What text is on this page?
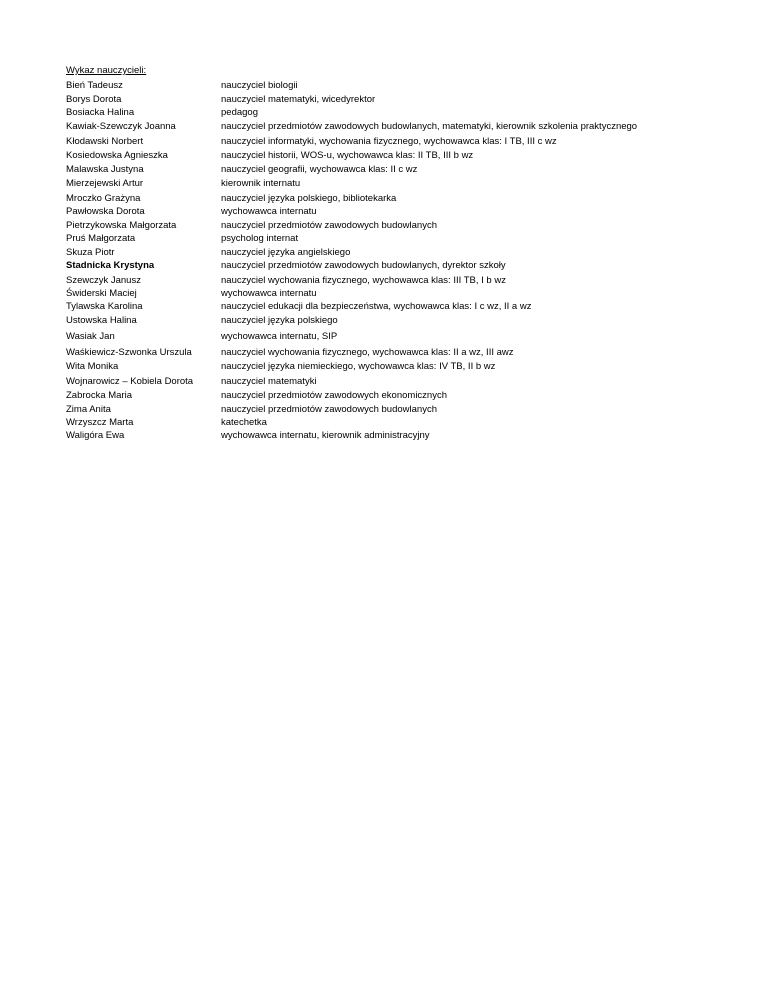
Wykaz nauczycieli:
Bień Tadeusz	nauczyciel biologii
Borys Dorota	nauczyciel matematyki, wicedyrektor
Bosiacka Halina	pedagog
Kawiak-Szewczyk Joanna	nauczyciel przedmiotów zawodowych budowlanych, matematyki, kierownik szkolenia praktycznego
Kłodawski Norbert	nauczyciel informatyki, wychowania fizycznego, wychowawca klas: I TB, III c wz
Kosiedowska Agnieszka	nauczyciel historii, WOS-u, wychowawca klas: II TB, III b wz
Malawska Justyna	nauczyciel geografii, wychowawca klas: II c wz
Mierzejewski Artur	kierownik internatu
Mroczko Grażyna	nauczyciel języka polskiego, bibliotekarka
Pawłowska Dorota	wychowawca internatu
Pietrzykowska Małgorzata	nauczyciel przedmiotów zawodowych budowlanych
Pruś Małgorzata	psycholog internat
Skuza Piotr	nauczyciel języka angielskiego
Stadnicka Krystyna	nauczyciel przedmiotów zawodowych budowlanych, dyrektor szkoły
Szewczyk Janusz	nauczyciel wychowania fizycznego, wychowawca klas: III TB, I b wz
Świderski Maciej	wychowawca internatu
Tylawska Karolina	nauczyciel edukacji dla bezpieczeństwa, wychowawca klas: I c wz, II a wz
Ustowska Halina	nauczyciel języka polskiego
Wasiak Jan	wychowawca internatu, SIP
Waśkiewicz-Szwonka Urszula	nauczyciel wychowania fizycznego, wychowawca klas: II a wz, III awz
Wita Monika	nauczyciel języka niemieckiego, wychowawca klas: IV TB, II b wz
Wojnarowicz – Kobiela Dorota	nauczyciel matematyki
Zabrocka Maria	nauczyciel przedmiotów zawodowych ekonomicznych
Zima Anita	nauczyciel przedmiotów zawodowych budowlanych
Wrzyszcz Marta	katechetka
Waligóra Ewa	wychowawca internatu, kierownik administracyjny
